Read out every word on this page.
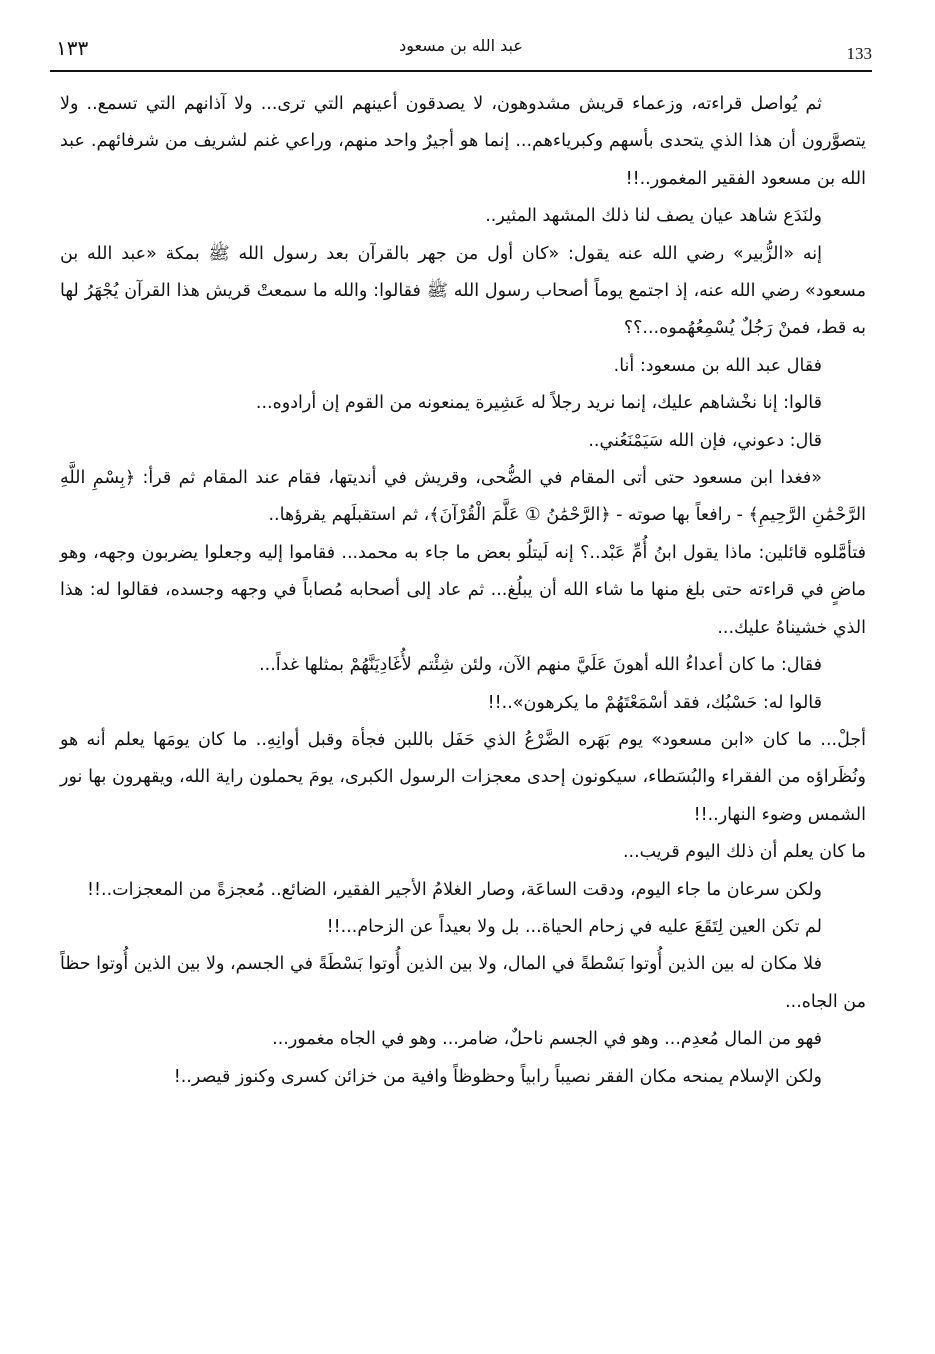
133
عبد الله بن مسعود
١٣٣

ثم يُواصل قراءته، وزعماء قريش مشدوهون، لا يصدقون أعينهم التي ترى... ولا آذانهم التي تسمع.. ولا يتصوَّرون أن هذا الذي يتحدى بأسهم وكبرياءهم... إنما هو أجيرٌ واحد منهم، وراعي غنم لشريف من شرفائهم. عبد الله بن مسعود الفقير المغمور..!!

ولنَدَع شاهد عيان يصف لنا ذلك المشهد المثير..

إنه «الزُّبير» رضي الله عنه يقول: «كان أول من جهر بالقرآن بعد رسول الله ﷺ بمكة «عبد الله بن مسعود» رضي الله عنه، إذ اجتمع يوماً أصحاب رسول الله ﷺ فقالوا: والله ما سمعتْ قريش هذا القرآن يُجْهَرُ لها به قط، فمنْ رَجُلٌ يُسْمِعُهُموه...؟؟

فقال عبد الله بن مسعود: أنا.

قالوا: إنا نخْشاهم عليك، إنما نريد رجلاً له عَشِيرة يمنعونه من القوم إن أرادوه...

قال: دعوني، فإن الله سَيَمْنَعُني..

«فغدا ابن مسعود حتى أتى المقام في الضُّحى، وقريش في أنديتها، فقام عند المقام ثم قرأ: ﴿بِسْمِ اللَّهِ الرَّحْمَٰنِ الرَّحِيمِ﴾ - رافعاً بها صوته - ﴿الرَّحْمَٰنُ ① عَلَّمَ الْقُرْآنَ﴾، ثم استقبلَهم يقرؤها..

فتأمَّلوه قائلين: ماذا يقول ابنُ أُمِّ عَبْد..؟ إنه لَيتلُو بعض ما جاء به محمد... فقاموا إليه وجعلوا يضربون وجهه، وهو ماضٍ في قراءته حتى بلغ منها ما شاء الله أن يبلُغ... ثم عاد إلى أصحابه مُصاباً في وجهه وجسده، فقالوا له: هذا الذي خشيناهُ عليك...

فقال: ما كان أعداءُ الله أهونَ عَلَيَّ منهم الآن، ولئن شِئْتم لأُغَادِيَنَّهُمْ بمثلها غداً...

قالوا له: حَسْبُك، فقد أسْمَعْتَهُمْ ما يكرهون»..!!

أجلْ... ما كان «ابن مسعود» يوم بَهَره الضَّرْعُ الذي حَفَل باللبن فجأة وقبل أوانِهِ.. ما كان يومَها يعلم أنه هو ونُظَراؤه من الفقراء والبُسَطاء، سيكونون إحدى معجزات الرسول الكبرى، يومَ يحملون راية الله، ويقهرون بها نور الشمس وضوء النهار..!!

ما كان يعلم أن ذلك اليوم قريب...

ولكن سرعان ما جاء اليوم، ودقت الساعَة، وصار الغلامُ الأجير الفقير، الضائع.. مُعجزةً من المعجزات..!!

لم تكن العين لِتَقَعَ عليه في زحام الحياة... بل ولا بعيداً عن الزحام...!!

فلا مكان له بين الذين أُوتوا بَسْطةً في المال، ولا بين الذين أُوتوا بَسْطَةً في الجسم، ولا بين الذين أُوتوا حظاً من الجاه...

فهو من المال مُعدِم... وهو في الجسم ناحلٌ، ضامر... وهو في الجاه مغمور...

ولكن الإسلام يمنحه مكان الفقر نصيباً رابياً وحظوظاً وافية من خزائن كسرى وكنوز قيصر..!
